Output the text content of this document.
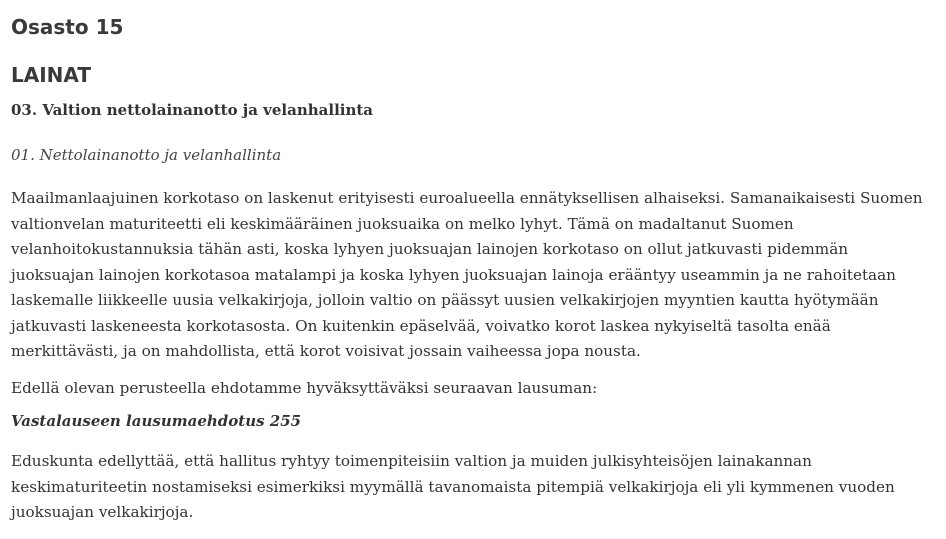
Osasto 15
LAINAT
03. Valtion nettolainanotto ja velanhallinta

01. Nettolainanotto ja velanhallinta

Maailmanlaajuinen korkotaso on laskenut erityisesti euroalueella ennätyksellisen alhaiseksi. Samanaikaisesti Suomen valtionvelan maturiteetti eli keskimääräinen juoksuaika on melko lyhyt. Tämä on madaltanut Suomen velanhoitokustannuksia tähän asti, koska lyhyen juoksuajan lainojen korkotaso on ollut jatkuvasti pidemmän juoksuajan lainojen korkotasoa matalampi ja koska lyhyen juoksuajan lainoja erääntyy useammin ja ne rahoitetaan laskemalle liikkeelle uusia velkakirjoja, jolloin valtio on päässyt uusien velkakirjojen myyntien kautta hyötymään jatkuvasti laskeneesta korkotasosta. On kuitenkin epäselvää, voivatko korot laskea nykyiseltä tasolta enää merkittävästi, ja on mahdollista, että korot voisivat jossain vaiheessa jopa nousta.

Edellä olevan perusteella ehdotamme hyväksyttäväksi seuraavan lausuman:

Vastalauseen lausumaehdotus 255

Eduskunta edellyttää, että hallitus ryhtyy toimenpiteisiin valtion ja muiden julkisyhteisöjen lainakannan keskimaturiteetin nostamiseksi esimerkiksi myymällä tavanomaista pitempiä velkakirjoja eli yli kymmenen vuoden juoksuajan velkakirjoja.
